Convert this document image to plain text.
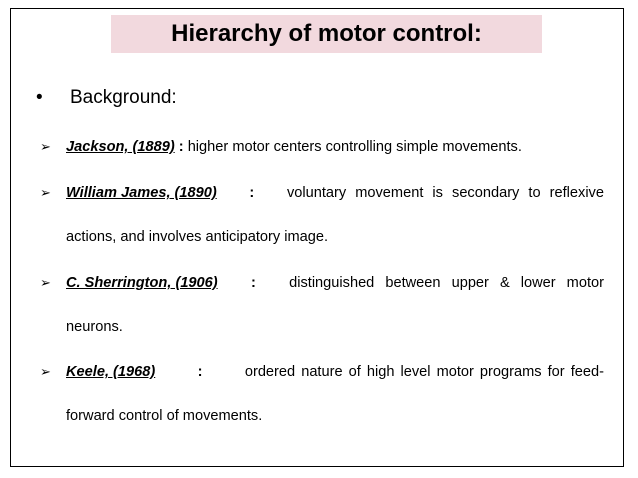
Hierarchy of motor control:
•	Background:
➢	Jackson, (1889) : higher motor centers controlling simple movements.
➢	William James, (1890) : voluntary movement is secondary to reflexive
actions, and involves anticipatory image.
➢	C. Sherrington, (1906) : distinguished between upper & lower motor
neurons.
➢	Keele, (1968)	:	ordered nature of high level motor programs for feed-
forward control of movements.
